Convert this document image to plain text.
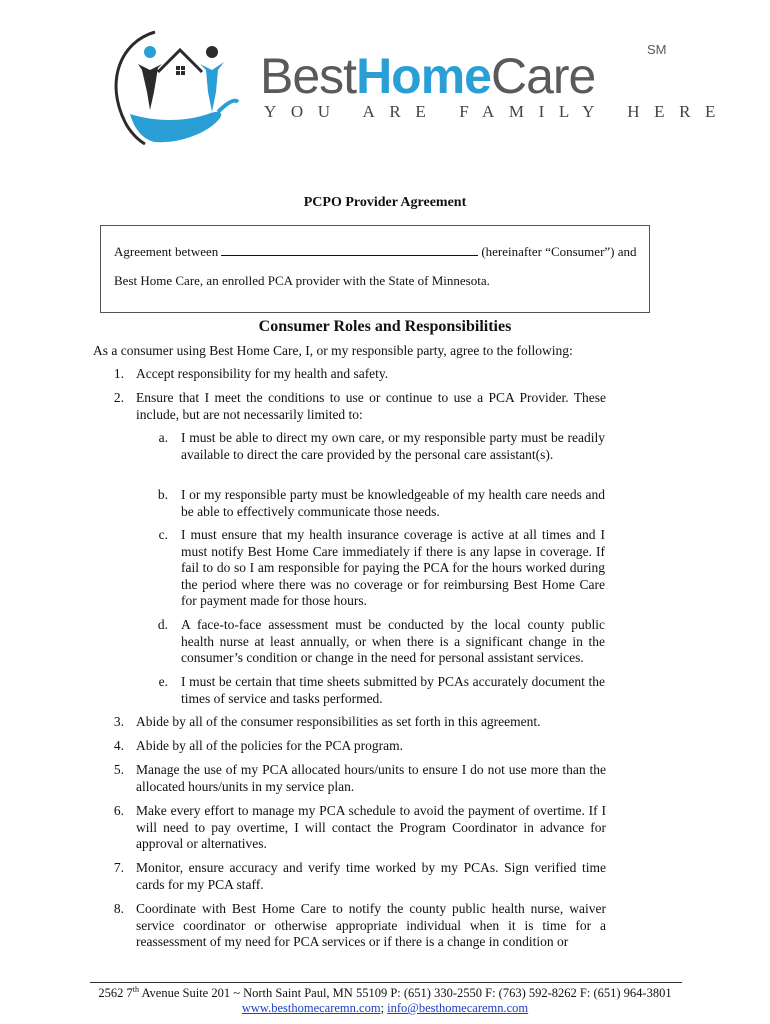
BestHomeCare	SM
YOU ARE FAMILY HERE
PCPO Provider Agreement
Agreement between	(hereinafter “Consumer”) and
Best Home Care, an enrolled PCA provider with the State of Minnesota.
Consumer Roles and Responsibilities
As a consumer using Best Home Care, I, or my responsible party, agree to the following:
1. Accept responsibility for my health and safety.
2. Ensure that I meet the conditions to use or continue to use a PCA Provider. These include, but are not necessarily limited to:
a. I must be able to direct my own care, or my responsible party must be readily available to direct the care provided by the personal care assistant(s).
b. I or my responsible party must be knowledgeable of my health care needs and be able to effectively communicate those needs.
c. I must ensure that my health insurance coverage is active at all times and I must notify Best Home Care immediately if there is any lapse in coverage. If fail to do so I am responsible for paying the PCA for the hours worked during the period where there was no coverage or for reimbursing Best Home Care for payment made for those hours.
d. A face-to-face assessment must be conducted by the local county public health nurse at least annually, or when there is a significant change in the consumer’s condition or change in the need for personal assistant services.
e. I must be certain that time sheets submitted by PCAs accurately document the times of service and tasks performed.
3. Abide by all of the consumer responsibilities as set forth in this agreement.
4. Abide by all of the policies for the PCA program.
5. Manage the use of my PCA allocated hours/units to ensure I do not use more than the allocated hours/units in my service plan.
6. Make every effort to manage my PCA schedule to avoid the payment of overtime. If I will need to pay overtime, I will contact the Program Coordinator in advance for approval or alternatives.
7. Monitor, ensure accuracy and verify time worked by my PCAs. Sign verified time cards for my PCA staff.
8. Coordinate with Best Home Care to notify the county public health nurse, waiver service coordinator or otherwise appropriate individual when it is time for a reassessment of my need for PCA services or if there is a change in condition or
2562 7th Avenue Suite 201 ~ North Saint Paul, MN 55109 P: (651) 330-2550 F: (763) 592-8262 F: (651) 964-3801
www.besthomecaremn.com; info@besthomecaremn.com
